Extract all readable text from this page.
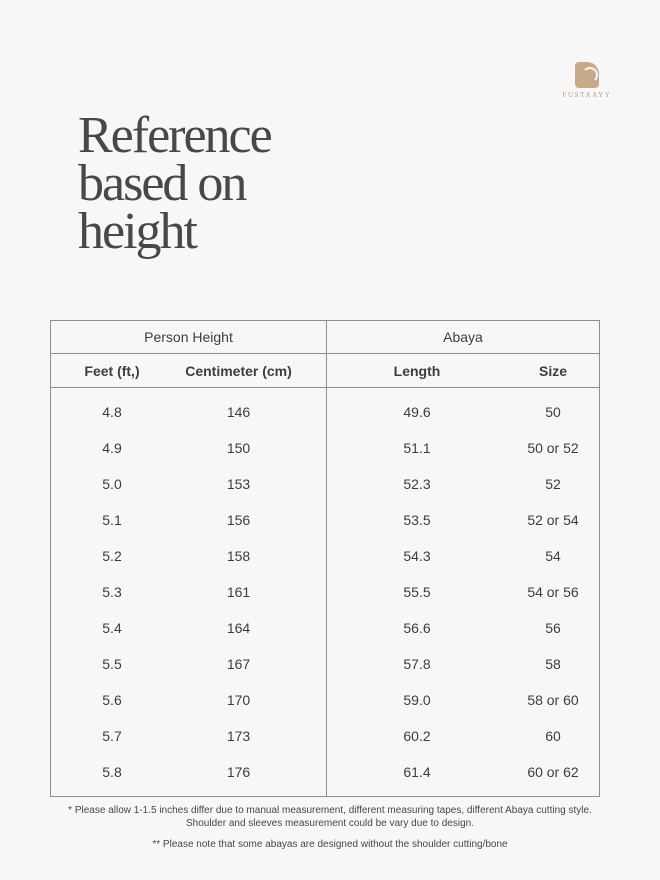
FUSTAAYY
Reference
based on
height
Person Height		Abaya	
Feet (ft,)	Centimeter (cm)	Length	Size
4.8	146	49.6	50
4.9	150	51.1	50 or 52
5.0	153	52.3	52
5.1	156	53.5	52 or 54
5.2	158	54.3	54
5.3	161	55.5	54 or 56
5.4	164	56.6	56
5.5	167	57.8	58
5.6	170	59.0	58 or 60
5.7	173	60.2	60
5.8	176	61.4	60 or 62

* Please allow 1-1.5 inches differ due to manual measurement, different measuring tapes, different Abaya cutting style.

Shoulder and sleeves measurement could be vary due to design.

** Please note that some abayas are designed without the shoulder cutting/bone
